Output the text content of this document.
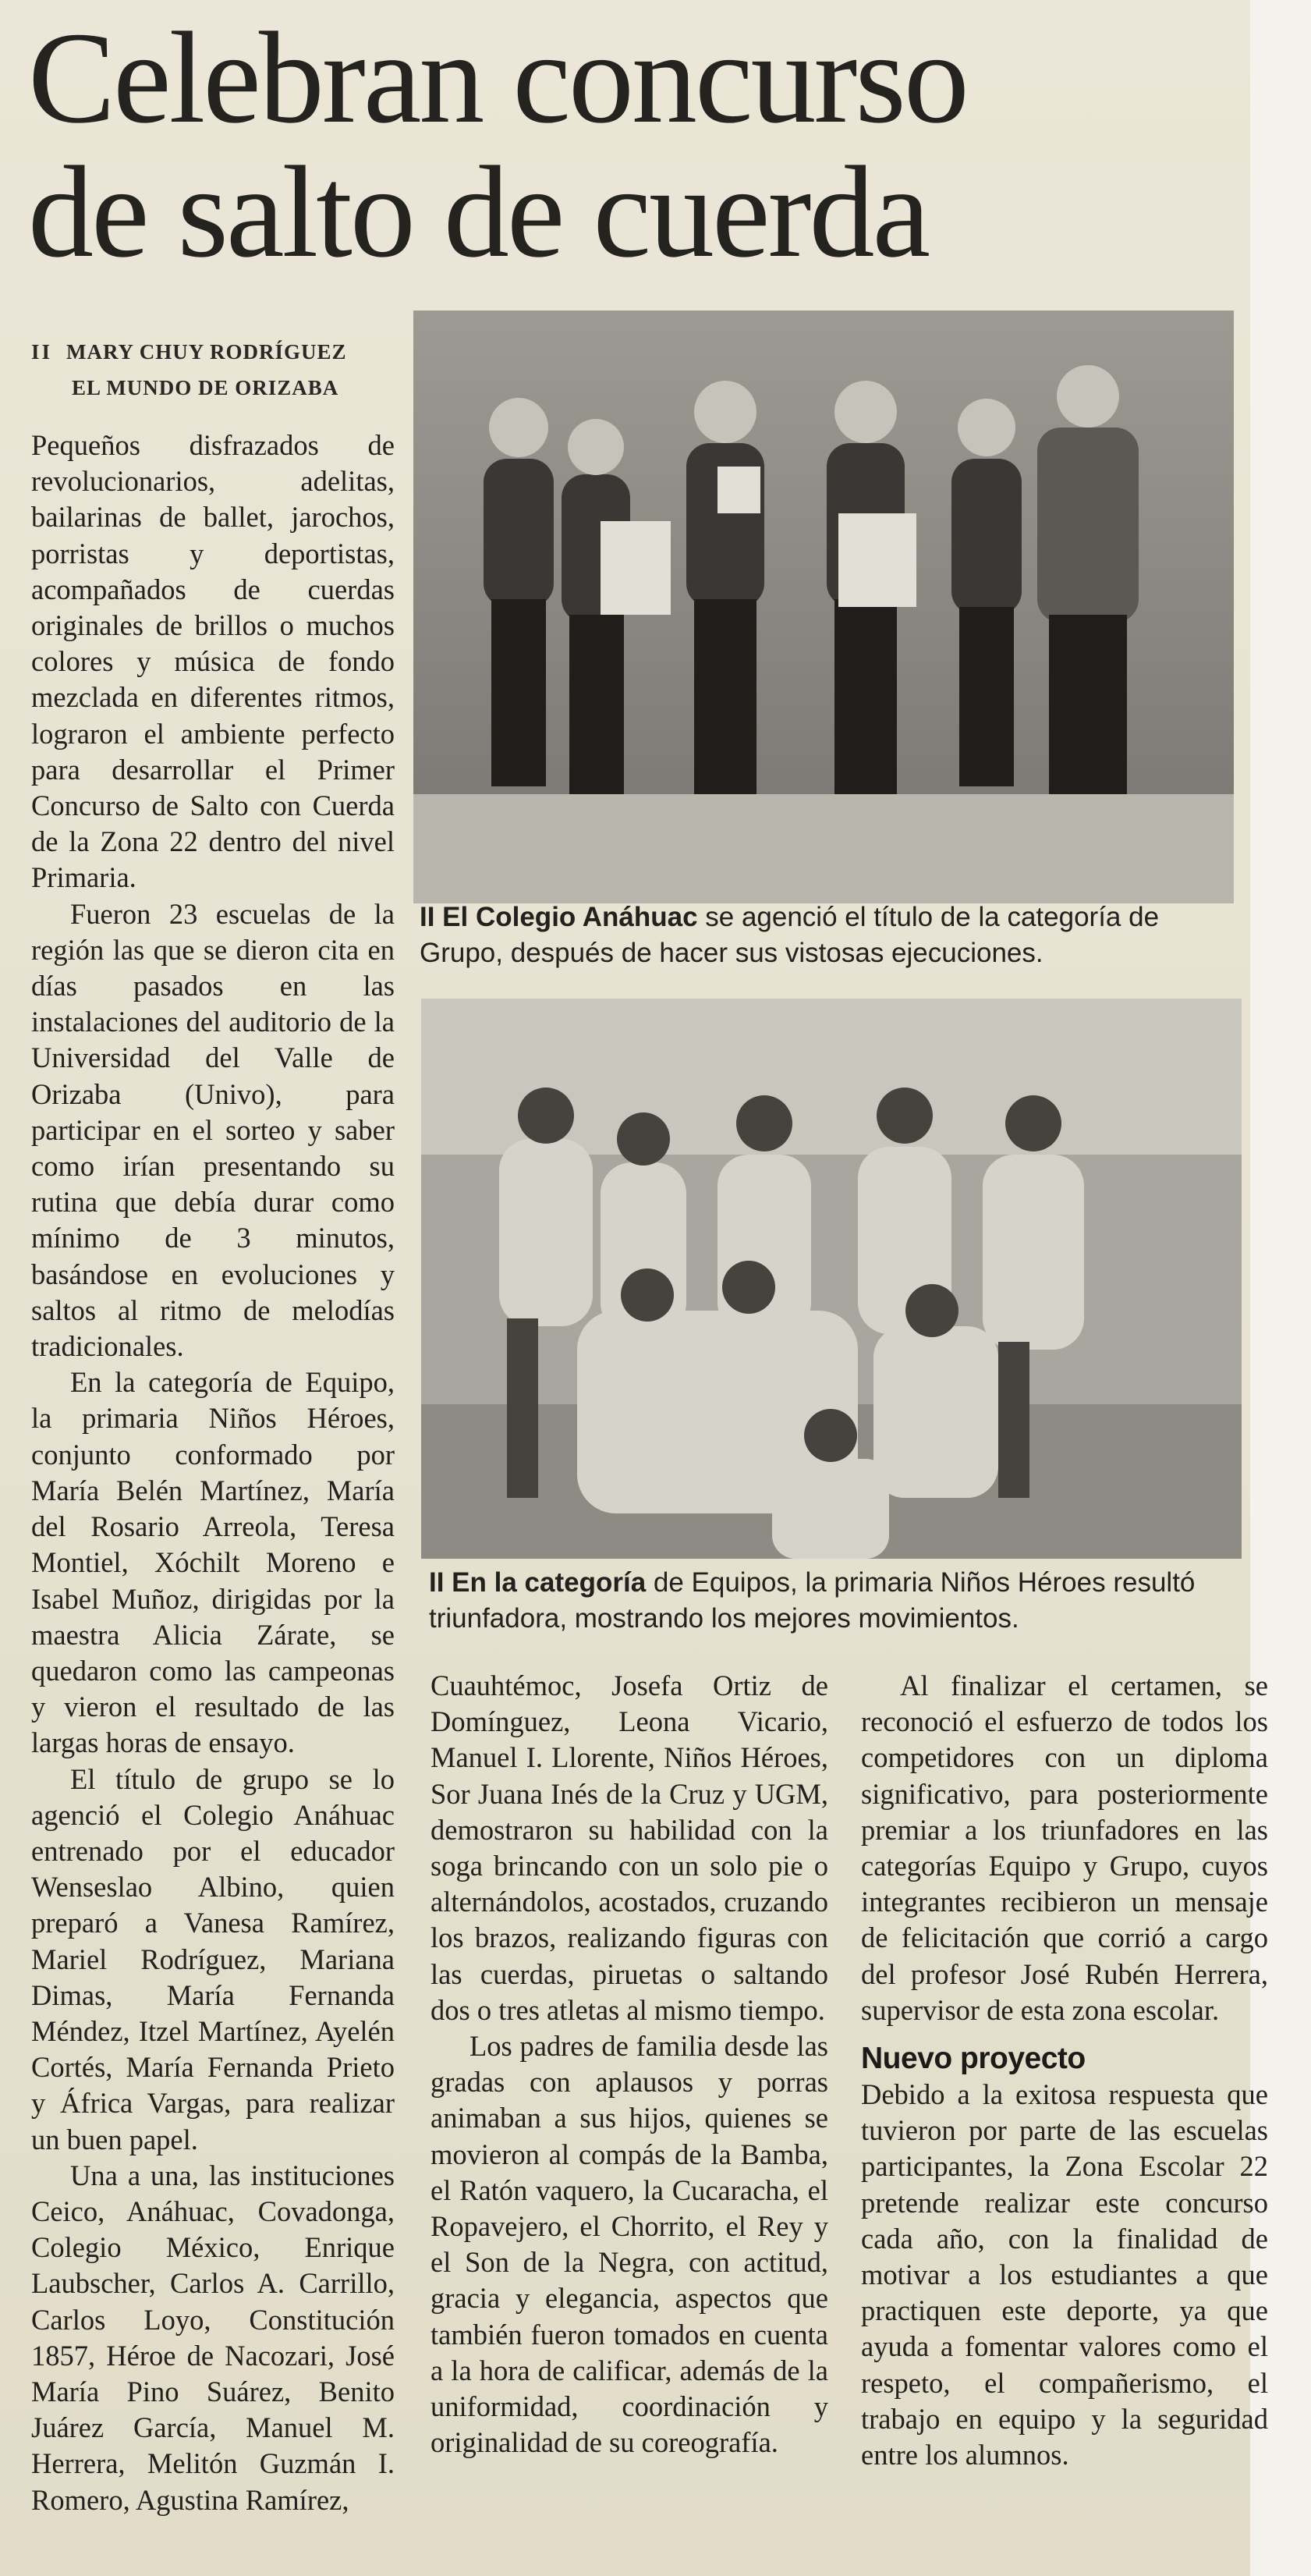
Celebran concurso
de salto de cuerda
II MARY CHUY RODRÍGUEZ
EL MUNDO DE ORIZABA
II El Colegio Anáhuac se agenció el título de la categoría de Grupo, después de hacer sus vistosas ejecuciones.
II En la categoría de Equipos, la primaria Niños Héroes resultó triunfadora, mostrando los mejores movimientos.

Pequeños disfrazados de revolucionarios, adelitas, bailarinas de ballet, jarochos, porristas y deportistas, acompañados de cuerdas originales de brillos o muchos colores y música de fondo mezclada en diferentes ritmos, lograron el ambiente perfecto para desarrollar el Primer Concurso de Salto con Cuerda de la Zona 22 dentro del nivel Primaria.

Fueron 23 escuelas de la región las que se dieron cita en días pasados en las instalaciones del auditorio de la Universidad del Valle de Orizaba (Univo), para participar en el sorteo y saber como irían presentando su rutina que debía durar como mínimo de 3 minutos, basándose en evoluciones y saltos al ritmo de melodías tradicionales.

En la categoría de Equipo, la primaria Niños Héroes, conjunto conformado por María Belén Martínez, María del Rosario Arreola, Teresa Montiel, Xóchilt Moreno e Isabel Muñoz, dirigidas por la maestra Alicia Zárate, se quedaron como las campeonas y vieron el resultado de las largas horas de ensayo.

El título de grupo se lo agenció el Colegio Anáhuac entrenado por el educador Wenseslao Albino, quien preparó a Vanesa Ramírez, Mariel Rodríguez, Mariana Dimas, María Fernanda Méndez, Itzel Martínez, Ayelén Cortés, María Fernanda Prieto y África Vargas, para realizar un buen papel.

Una a una, las instituciones Ceico, Anáhuac, Covadonga, Colegio México, Enrique Laubscher, Carlos A. Carrillo, Carlos Loyo, Constitución 1857, Héroe de Nacozari, José María Pino Suárez, Benito Juárez García, Manuel M. Herrera, Melitón Guzmán I. Romero, Agustina Ramírez,

Cuauhtémoc, Josefa Ortiz de Domínguez, Leona Vicario, Manuel I. Llorente, Niños Héroes, Sor Juana Inés de la Cruz y UGM, demostraron su habilidad con la soga brincando con un solo pie o alternándolos, acostados, cruzando los brazos, realizando figuras con las cuerdas, piruetas o saltando dos o tres atletas al mismo tiempo.

Los padres de familia desde las gradas con aplausos y porras animaban a sus hijos, quienes se movieron al compás de la Bamba, el Ratón vaquero, la Cucaracha, el Ropavejero, el Chorrito, el Rey y el Son de la Negra, con actitud, gracia y elegancia, aspectos que también fueron tomados en cuenta a la hora de calificar, además de la uniformidad, coordinación y originalidad de su coreografía.

Al finalizar el certamen, se reconoció el esfuerzo de todos los competidores con un diploma significativo, para posteriormente premiar a los triunfadores en las categorías Equipo y Grupo, cuyos integrantes recibieron un mensaje de felicitación que corrió a cargo del profesor José Rubén Herrera, supervisor de esta zona escolar.

Nuevo proyecto

Debido a la exitosa respuesta que tuvieron por parte de las escuelas participantes, la Zona Escolar 22 pretende realizar este concurso cada año, con la finalidad de motivar a los estudiantes a que practiquen este deporte, ya que ayuda a fomentar valores como el respeto, el compañerismo, el trabajo en equipo y la seguridad entre los alumnos.
